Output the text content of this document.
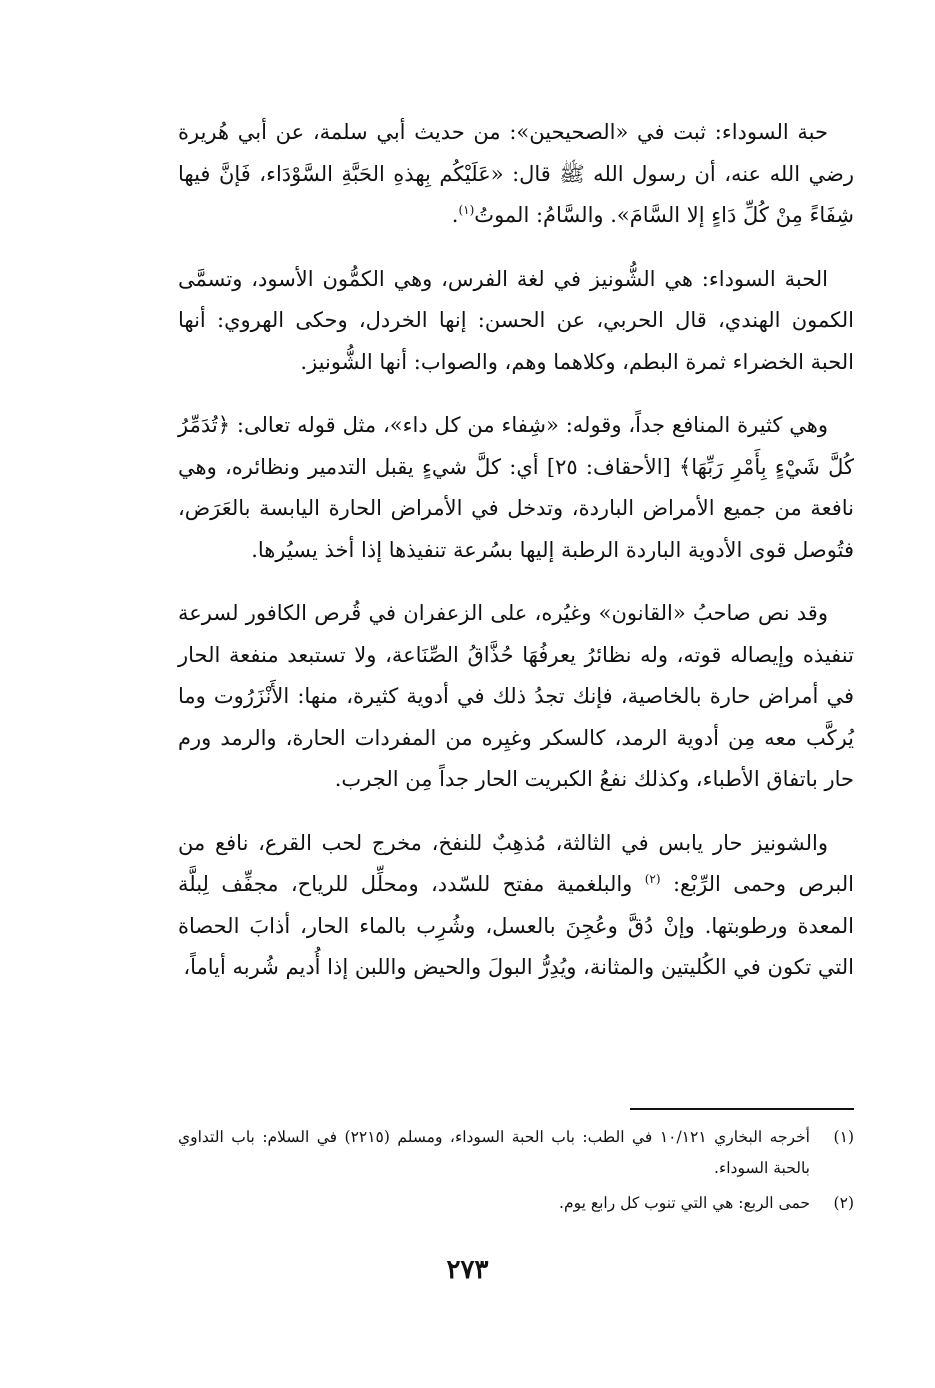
حبة السوداء: ثبت في «الصحيحين»: من حديث أبي سلمة، عن أبي هُريرة رضي الله عنه، أن رسول الله ﷺ قال: «عَلَيْكُم بِهذهِ الحَبَّةِ السَّوْدَاء، فَإنَّ فيها شِفَاءً مِنْ كُلِّ دَاءٍ إلا السَّامَ». والسَّامُ: الموتُ$^{(١)}$.

الحبة السوداء: هي الشُّونيز في لغة الفرس، وهي الكمُّون الأسود، وتسمَّى الكمون الهندي، قال الحربي، عن الحسن: إنها الخردل، وحكى الهروي: أنها الحبة الخضراء ثمرة البطم، وكلاهما وهم، والصواب: أنها الشُّونيز.

وهي كثيرة المنافع جداً، وقوله: «شِفاء من كل داء»، مثل قوله تعالى: ﴿تُدَمِّرُ كُلَّ شَيْءٍ بِأَمْرِ رَبِّهَا﴾ [الأحقاف: ٢٥] أي: كلَّ شيءٍ يقبل التدمير ونظائره، وهي نافعة من جميع الأمراض الباردة، وتدخل في الأمراض الحارة اليابسة بالعَرَض، فتُوصل قوى الأدوية الباردة الرطبة إليها بسُرعة تنفيذها إذا أخذ يسيُرها.

وقد نص صاحبُ «القانون» وغيُره، على الزعفران في قُرص الكافور لسرعة تنفيذه وإيصاله قوته، وله نظائرُ يعرفُهَا حُذَّاقُ الصِّنَاعة، ولا تستبعد منفعة الحار في أمراض حارة بالخاصية، فإنك تجدُ ذلك في أدوية كثيرة، منها: الأَنْزَرُوت وما يُركَّب معه مِن أدوية الرمد، كالسكر وغيِره من المفردات الحارة، والرمد ورم حار باتفاق الأطباء، وكذلك نفعُ الكبريت الحار جداً مِن الجرب.

والشونيز حار يابس في الثالثة، مُذهِبٌ للنفخ، مخرج لحب القرع، نافع من البرص وحمى الرِّبْع: $^{(٢)}$ والبلغمية مفتح للسّدد، ومحلِّل للرياح، مجفِّف لِبلَّة المعدة ورطوبتها. وإنْ دُقَّ وعُجِنَ بالعسل، وشُرِب بالماء الحار، أذابَ الحصاة التي تكون في الكُليتين والمثانة، ويُدِرُّ البولَ والحيض واللبن إذا أُديم شُربه أياماً،

(١)
أخرجه البخاري ١٠/١٢١ في الطب: باب الحبة السوداء، ومسلم (٢٢١٥) في السلام: باب التداوي بالحبة السوداء.
(٢)
حمى الربع: هي التي تنوب كل رابع يوم.
٢٧٣
